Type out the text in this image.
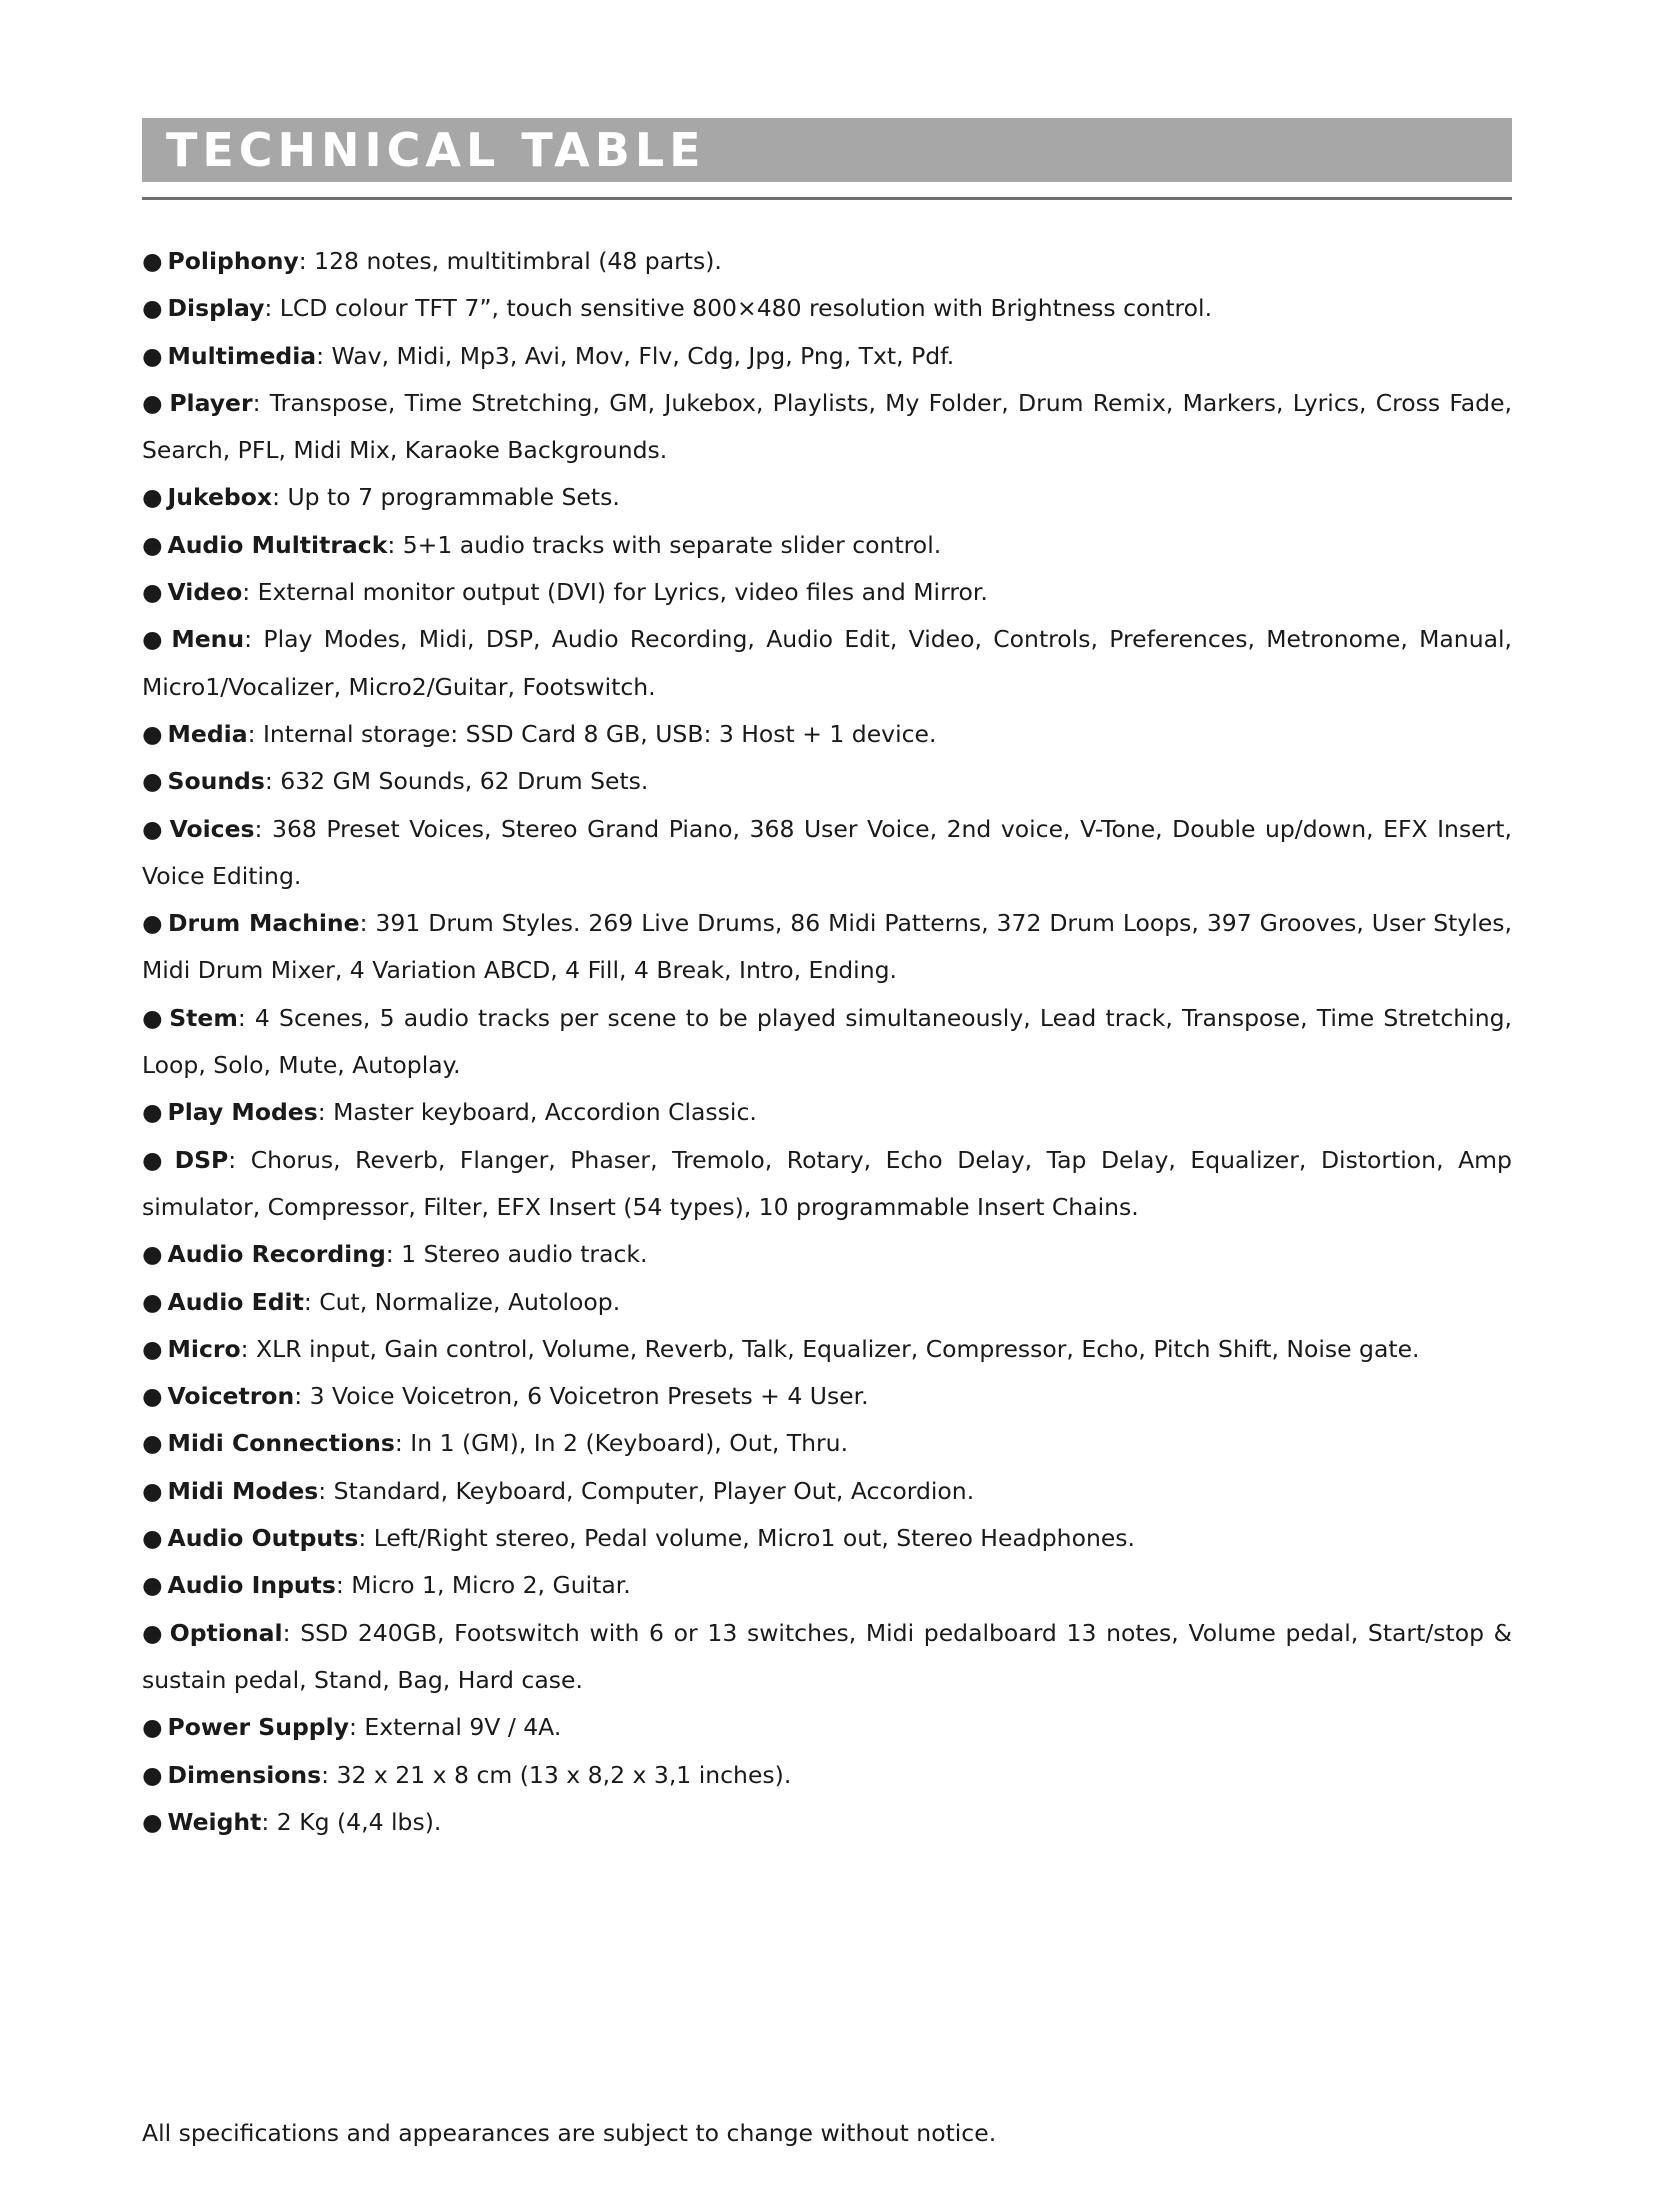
TECHNICAL TABLE
● Poliphony: 128 notes, multitimbral (48 parts).
● Display: LCD colour TFT 7”, touch sensitive 800×480 resolution with Brightness control.
● Multimedia: Wav, Midi, Mp3, Avi, Mov, Flv, Cdg, Jpg, Png, Txt, Pdf.
● Player: Transpose, Time Stretching, GM, Jukebox, Playlists, My Folder, Drum Remix, Markers, Lyrics, Cross Fade, Search, PFL, Midi Mix, Karaoke Backgrounds.
● Jukebox: Up to 7 programmable Sets.
● Audio Multitrack: 5+1 audio tracks with separate slider control.
● Video: External monitor output (DVI) for Lyrics, video files and Mirror.
● Menu: Play Modes, Midi, DSP, Audio Recording, Audio Edit, Video, Controls, Preferences, Metronome, Manual, Micro1/Vocalizer, Micro2/Guitar, Footswitch.
● Media: Internal storage: SSD Card 8 GB, USB: 3 Host + 1 device.
● Sounds: 632 GM Sounds, 62 Drum Sets.
● Voices: 368 Preset Voices, Stereo Grand Piano, 368 User Voice, 2nd voice, V-Tone, Double up/down, EFX Insert, Voice Editing.
● Drum Machine: 391 Drum Styles. 269 Live Drums, 86 Midi Patterns, 372 Drum Loops, 397 Grooves, User Styles, Midi Drum Mixer, 4 Variation ABCD, 4 Fill, 4 Break, Intro, Ending.
● Stem: 4 Scenes, 5 audio tracks per scene to be played simultaneously, Lead track, Transpose, Time Stretching, Loop, Solo, Mute, Autoplay.
● Play Modes: Master keyboard, Accordion Classic.
● DSP: Chorus, Reverb, Flanger, Phaser, Tremolo, Rotary, Echo Delay, Tap Delay, Equalizer, Distortion, Amp simulator, Compressor, Filter, EFX Insert (54 types), 10 programmable Insert Chains.
● Audio Recording: 1 Stereo audio track.
● Audio Edit: Cut, Normalize, Autoloop.
● Micro: XLR input, Gain control, Volume, Reverb, Talk, Equalizer, Compressor, Echo, Pitch Shift, Noise gate.
● Voicetron: 3 Voice Voicetron, 6 Voicetron Presets + 4 User.
● Midi Connections: In 1 (GM), In 2 (Keyboard), Out, Thru.
● Midi Modes: Standard, Keyboard, Computer, Player Out, Accordion.
● Audio Outputs: Left/Right stereo, Pedal volume, Micro1 out, Stereo Headphones.
● Audio Inputs: Micro 1, Micro 2, Guitar.
● Optional: SSD 240GB, Footswitch with 6 or 13 switches, Midi pedalboard 13 notes, Volume pedal, Start/stop & sustain pedal, Stand, Bag, Hard case.
● Power Supply: External 9V / 4A.
● Dimensions: 32 x 21 x 8 cm (13 x 8,2 x 3,1 inches).
● Weight: 2 Kg (4,4 lbs).
All specifications and appearances are subject to change without notice.
